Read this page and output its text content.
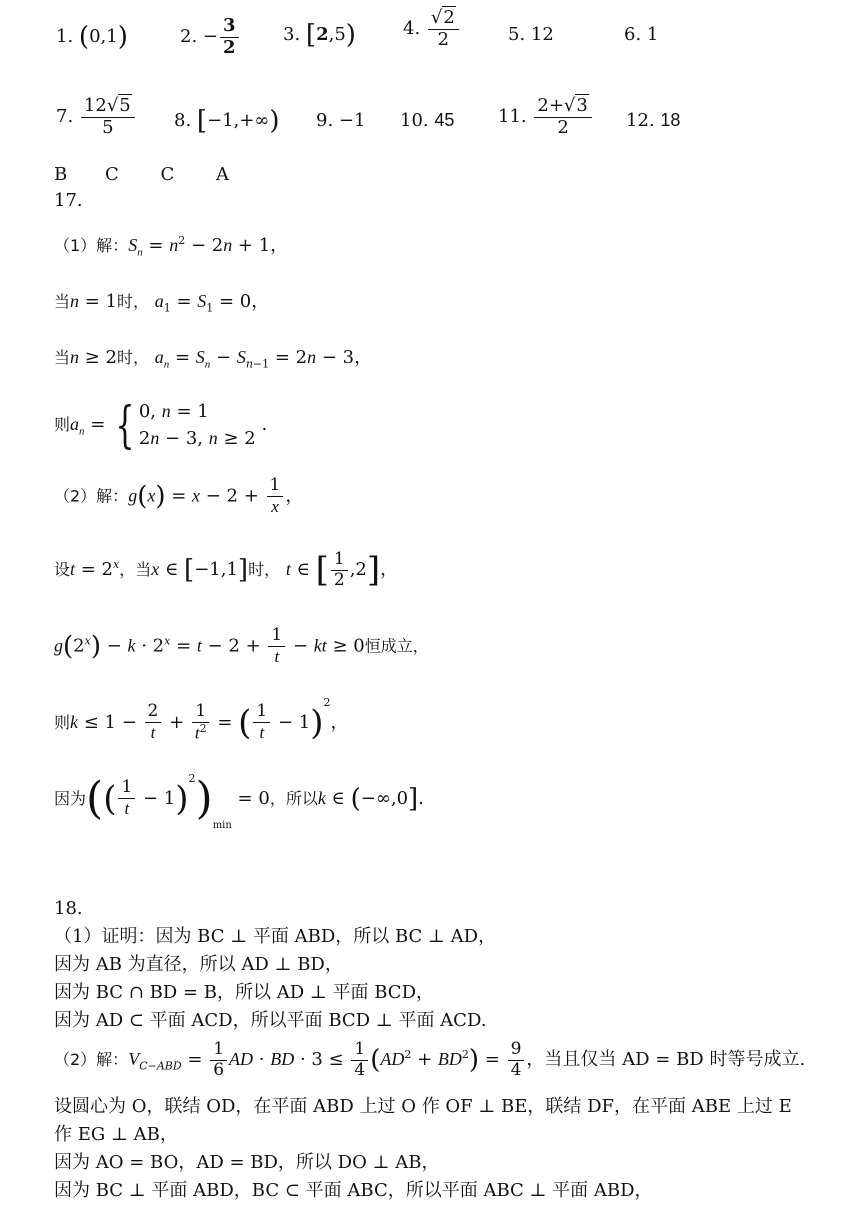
1. (0,1)	2. − $\frac{3}{2} 3$. [2,5)	4. $\frac{√2}{2}$	5. 12	6. 1
7. $\frac{12√5}{5} 8$. [−1,+∞) 9. −1 10. 45 11. $\frac{2+√3}{2} 12$. 18
B C C A
17.
（1）解：$S_n = n^2 - 2n + 1$，
当n = 1时， $a_1 = S_1 = 0$，
当n ≥ 2时， $a_n = S_n - S_{n-1} = 2n - 3$，
则$a_n$ = { 0, n = 1
2n − 3, n ≥ 2
.
（2）解：$g(x) = x - 2 + \frac{1}{x}$ ，
设$t = 2^x$，当x ∈ [−1,1]时， t ∈ [ $\frac{1}{2} ,2$]，
$g(2^x) - k \cdot 2^x = t - 2 + \frac{1}{t}$ − kt ≥ 0恒成立，
则$k \le 1 - \frac{2}{t} + \frac{1}{t^2}$ = ( $\frac{1}{t} - 1)^2$，
因为(( $\frac{1}{t} - 1)^2)_{min} = 0$，所以k ∈ (−∞,0].
18.
（1）证明：因为 BC ⊥ 平面 ABD，所以 BC ⊥ AD，
因为 AB 为直径，所以 AD ⊥ BD，
因为 BC ∩ BD = B，所以 AD ⊥ 平面 BCD，
因为 AD ⊂ 平面 ACD，所以平面 BCD ⊥ 平面 ACD.
（2）解：$V_{C-ABD} = \frac{1}{6}$ AD · BD · $3 \le \frac{1}{4} (AD^2 + BD^2) = \frac{9}{4}$ ，当且仅当 AD = BD 时等号成立.
设圆心为 O，联结 OD，在平面 ABD 上过 O 作 OF ⊥ BE，联结 DF，在平面 ABE 上过 E
作 EG ⊥ AB，
因为 AO = BO，AD = BD，所以 DO ⊥ AB，
因为 BC ⊥ 平面 ABD，BC ⊂ 平面 ABC，所以平面 ABC ⊥ 平面 ABD，
